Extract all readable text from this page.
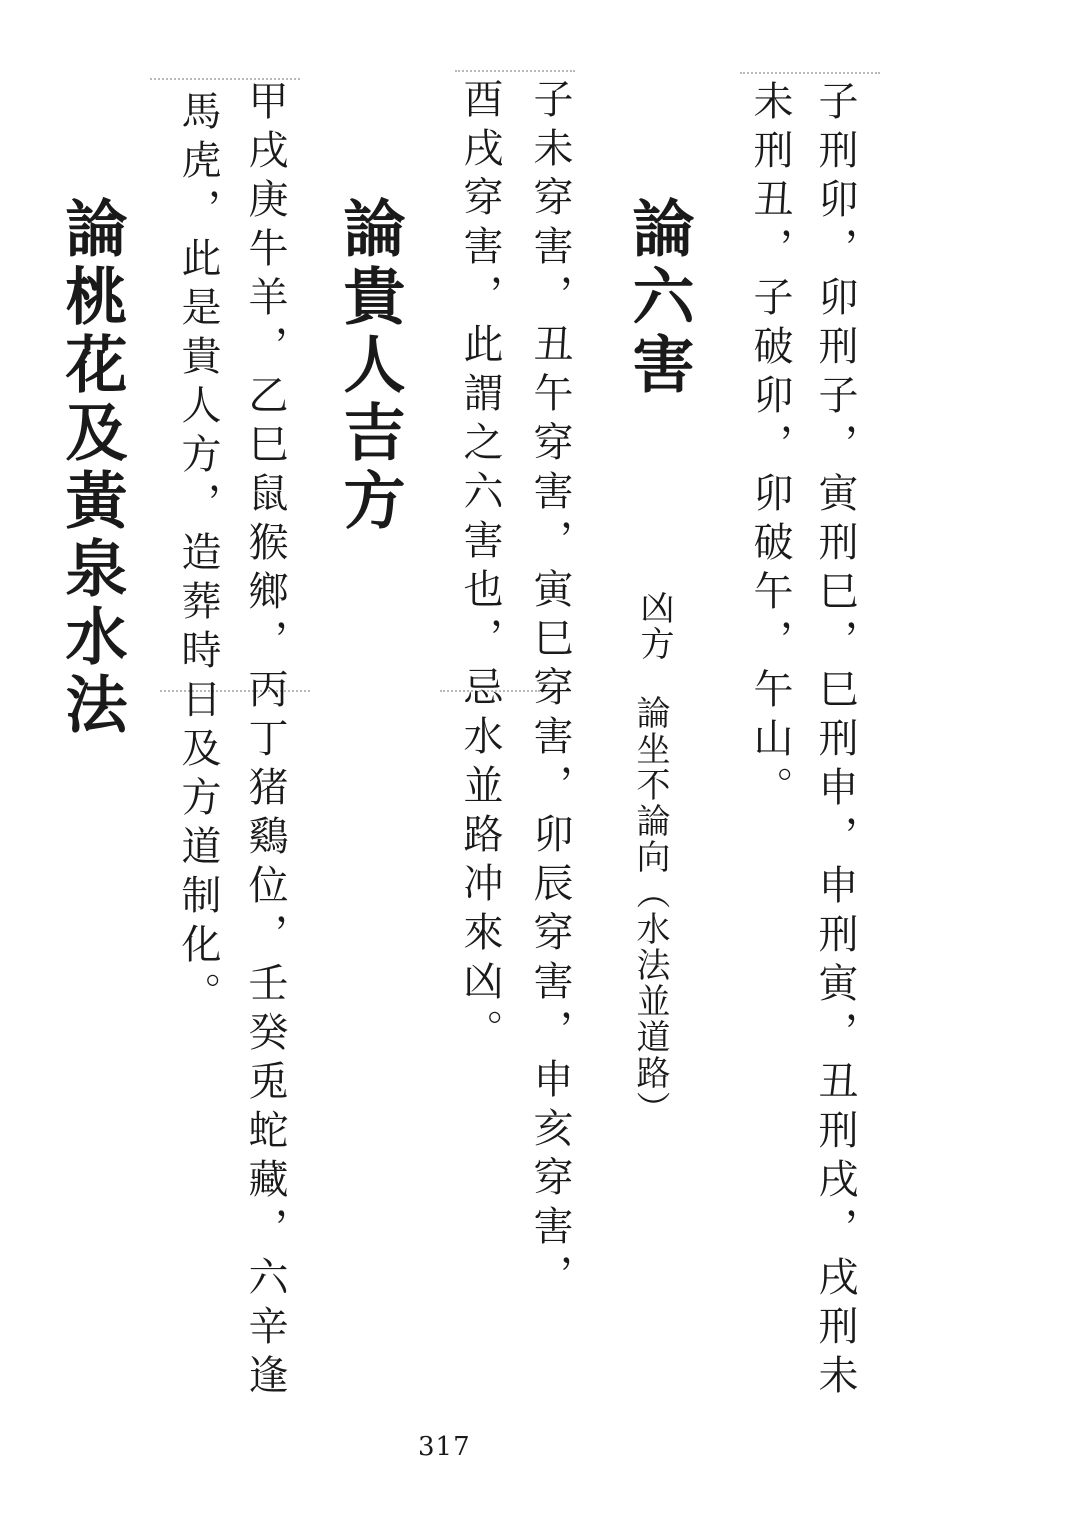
子刑卯，卯刑子，寅刑巳，巳刑申，申刑寅，丑刑戌，戌刑未
未刑丑，子破卯，卯破午，午山。
論六害
凶方
論坐不論向（水法並道路）
子未穿害，丑午穿害，寅巳穿害，卯辰穿害，申亥穿害，
酉戌穿害，此謂之六害也，忌水並路冲來凶。
論貴人吉方
甲戌庚牛羊，乙巳鼠猴鄉，丙丁猪鷄位，壬癸兎蛇藏，六辛逢
馬虎，此是貴人方，造葬時日及方道制化。
論桃花及黃泉水法
317
